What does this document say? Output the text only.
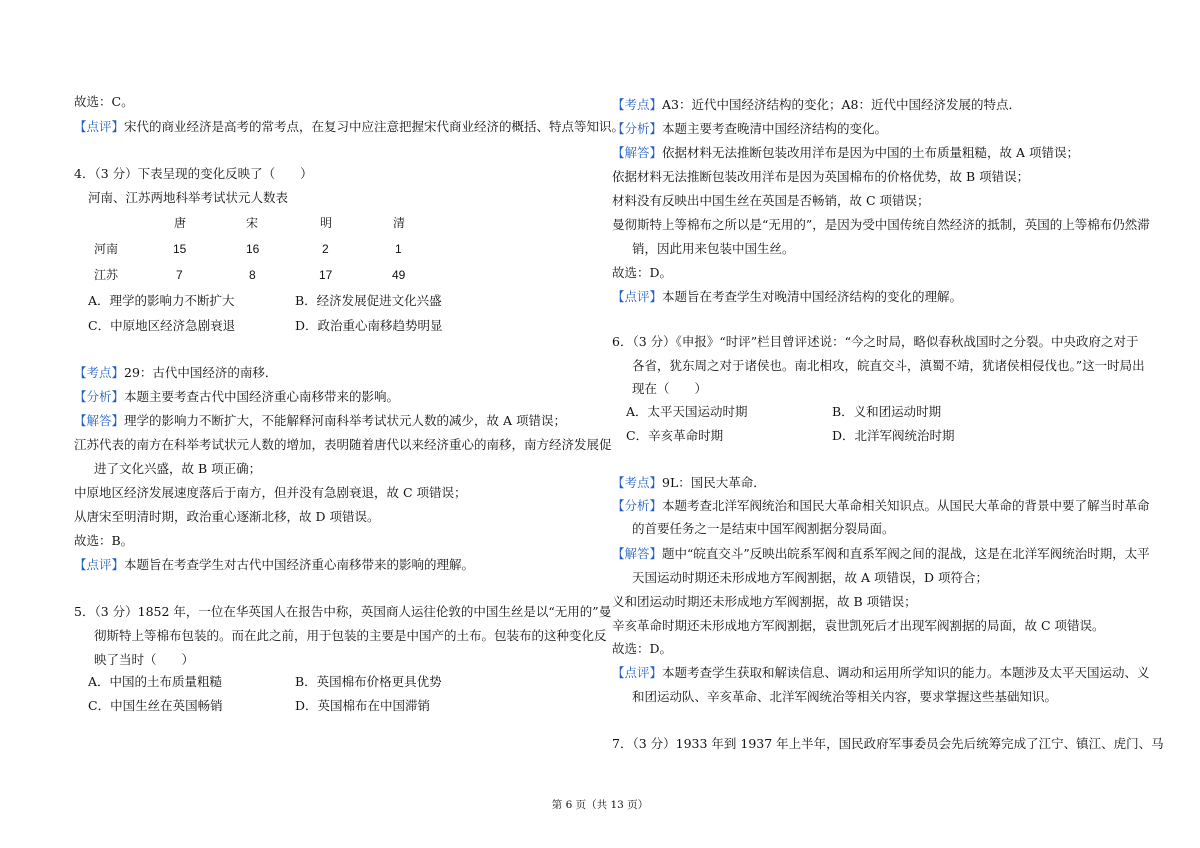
故选：C。
【点评】宋代的商业经济是高考的常考点，在复习中应注意把握宋代商业经济的概括、特点等知识。
4．（3 分）下表呈现的变化反映了（　　）
河南、江苏两地科举考试状元人数表
唐	宋	明	清
河南	15	16	2	1
江苏	7	8	17	49
A．理学的影响力不断扩大	B．经济发展促进文化兴盛
C．中原地区经济急剧衰退	D．政治重心南移趋势明显
【考点】29：古代中国经济的南移．
【分析】本题主要考查古代中国经济重心南移带来的影响。
【解答】理学的影响力不断扩大，不能解释河南科举考试状元人数的减少，故 A 项错误；
江苏代表的南方在科举考试状元人数的增加，表明随着唐代以来经济重心的南移，南方经济发展促
进了文化兴盛，故 B 项正确；
中原地区经济发展速度落后于南方，但并没有急剧衰退，故 C 项错误；
从唐宋至明清时期，政治重心逐渐北移，故 D 项错误。
故选：B。
【点评】本题旨在考查学生对古代中国经济重心南移带来的影响的理解。
5．（3 分）1852 年，一位在华英国人在报告中称，英国商人运往伦敦的中国生丝是以“无用的”曼
彻斯特上等棉布包装的。而在此之前，用于包装的主要是中国产的土布。包装布的这种变化反
映了当时（　　）
A．中国的土布质量粗糙	B．英国棉布价格更具优势
C．中国生丝在英国畅销	D．英国棉布在中国滞销
【考点】A3：近代中国经济结构的变化；A8：近代中国经济发展的特点．
【分析】本题主要考查晚清中国经济结构的变化。
【解答】依据材料无法推断包装改用洋布是因为中国的土布质量粗糙，故 A 项错误；
依据材料无法推断包装改用洋布是因为英国棉布的价格优势，故 B 项错误；
材料没有反映出中国生丝在英国是否畅销，故 C 项错误；
曼彻斯特上等棉布之所以是“无用的”，是因为受中国传统自然经济的抵制，英国的上等棉布仍然滞
销，因此用来包装中国生丝。
故选：D。
【点评】本题旨在考查学生对晚清中国经济结构的变化的理解。
6．（3 分）《申报》“时评”栏目曾评述说：“今之时局，略似春秋战国时之分裂。中央政府之对于
各省，犹东周之对于诸侯也。南北相攻，皖直交斗，滇蜀不靖，犹诸侯相侵伐也。”这一时局出
现在（　　）
A．太平天国运动时期	B．义和团运动时期
C．辛亥革命时期	D．北洋军阀统治时期
【考点】9L：国民大革命．
【分析】本题考查北洋军阀统治和国民大革命相关知识点。从国民大革命的背景中要了解当时革命
的首要任务之一是结束中国军阀割据分裂局面。
【解答】题中“皖直交斗”反映出皖系军阀和直系军阀之间的混战，这是在北洋军阀统治时期，太平
天国运动时期还未形成地方军阀割据，故 A 项错误，D 项符合；
义和团运动时期还未形成地方军阀割据，故 B 项错误；
辛亥革命时期还未形成地方军阀割据，袁世凯死后才出现军阀割据的局面，故 C 项错误。
故选：D。
【点评】本题考查学生获取和解读信息、调动和运用所学知识的能力。本题涉及太平天国运动、义
和团运动队、辛亥革命、北洋军阀统治等相关内容，要求掌握这些基础知识。
7．（3 分）1933 年到 1937 年上半年，国民政府军事委员会先后统筹完成了江宁、镇江、虎门、马
第 6 页（共 13 页）
